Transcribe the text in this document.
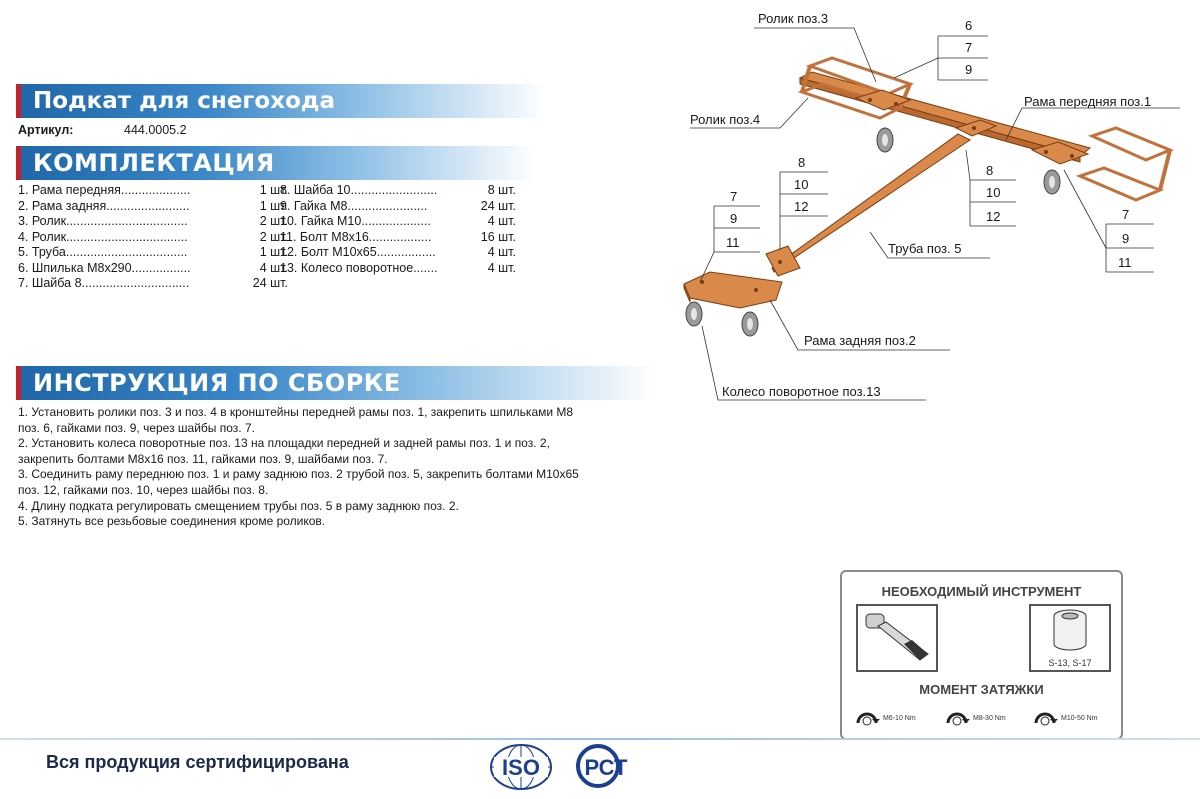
Подкат для снегохода
Артикул:	444.0005.2
КОМПЛЕКТАЦИЯ
1. Рама передняя....................	1 шт.
2. Рама задняя........................	1 шт.
3. Ролик...................................	2 шт.
4. Ролик...................................	2 шт.
5. Труба...................................	1 шт.
6. Шпилька М8х290.................	4 шт.
7. Шайба 8...............................	24 шт.
8. Шайба 10.........................	8 шт.
9. Гайка М8.......................	24 шт.
10. Гайка М10....................	4 шт.
11. Болт М8х16..................	16 шт.
12. Болт М10х65.................	4 шт.
13. Колесо поворотное.......	4 шт.
ИНСТРУКЦИЯ ПО СБОРКЕ
1. Установить ролики поз. 3 и поз. 4 в кронштейны передней рамы поз. 1, закрепить шпильками М8
поз. 6, гайками поз. 9, через шайбы поз. 7.
2. Установить колеса поворотные поз. 13 на площадки передней и задней рамы поз. 1 и поз. 2,
закрепить болтами М8х16 поз. 11, гайками поз. 9, шайбами поз. 7.
3. Соединить раму переднюю поз. 1 и раму заднюю поз. 2 трубой поз. 5, закрепить болтами М10х65
поз. 12, гайками поз. 10, через шайбы поз. 8.
4. Длину подката регулировать смещением трубы поз. 5 в раму заднюю поз. 2.
5. Затянуть все резьбовые соединения кроме роликов.
Ролик поз.3
Ролик поз.4
Рама передняя поз.1
Труба поз. 5
Рама задняя поз.2
Колесо поворотное поз.13
6
7
9
8
10
12
8
10
12
7
9
11
7
9
11
НЕОБХОДИМЫЙ ИНСТРУМЕНТ
S-13, S-17
МОМЕНТ ЗАТЯЖКИ
M6-10 Nm	M8-30 Nm	M10-50 Nm
Вся продукция сертифицирована	ISO РСТ
